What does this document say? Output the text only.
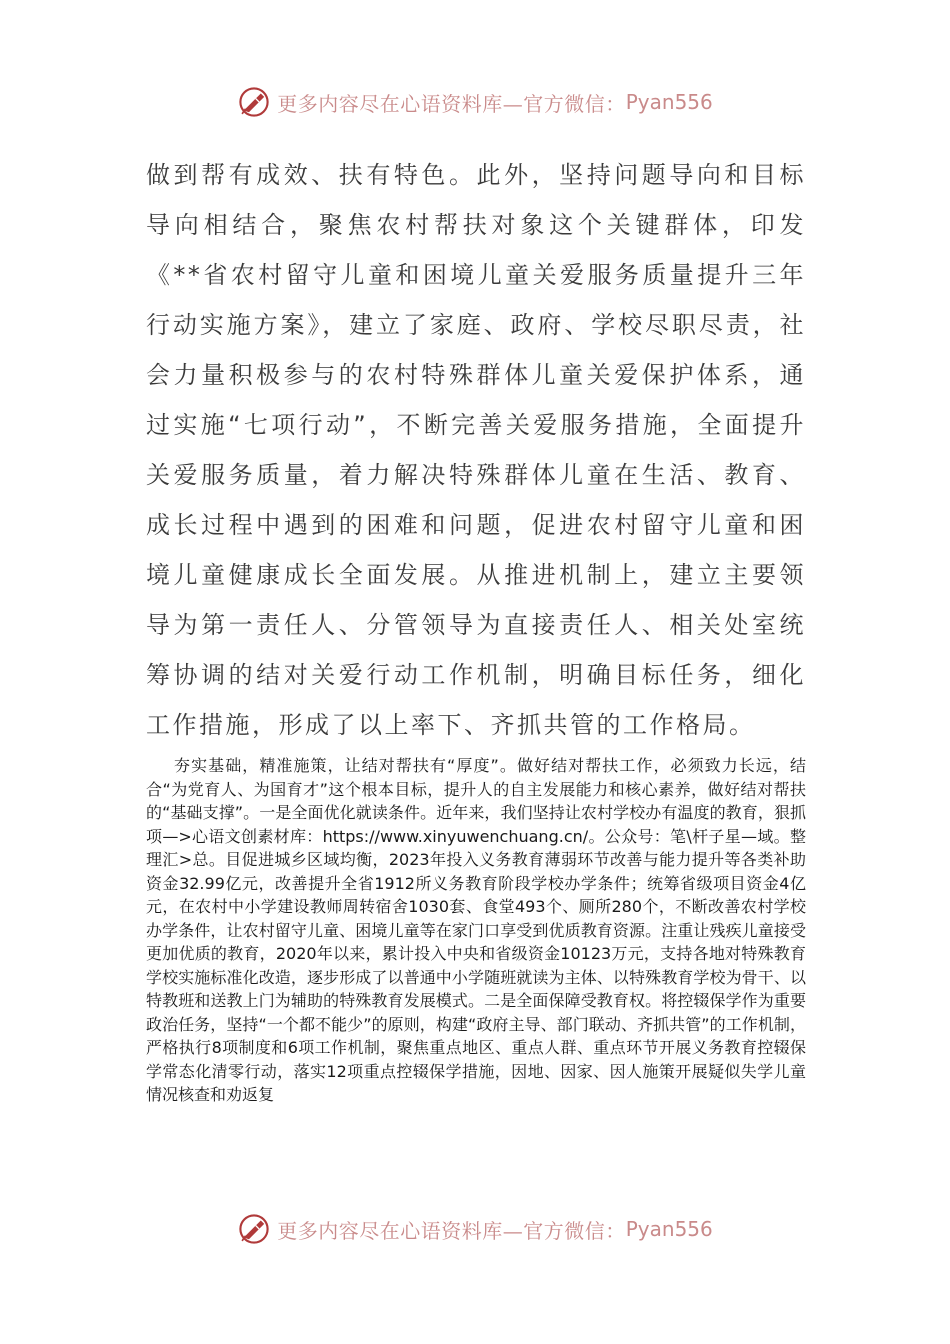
更多内容尽在心语资料库—官方微信： Pyan556

做到帮有成效、扶有特色。此外，坚持问题导向和目标导向相结合，聚焦农村帮扶对象这个关键群体，印发《**省农村留守儿童和困境儿童关爱服务质量提升三年行动实施方案》，建立了家庭、政府、学校尽职尽责，社会力量积极参与的农村特殊群体儿童关爱保护体系，通过实施“七项行动”，不断完善关爱服务措施，全面提升关爱服务质量，着力解决特殊群体儿童在生活、教育、成长过程中遇到的困难和问题，促进农村留守儿童和困境儿童健康成长全面发展。从推进机制上，建立主要领导为第一责任人、分管领导为直接责任人、相关处室统筹协调的结对关爱行动工作机制，明确目标任务，细化工作措施，形成了以上率下、齐抓共管的工作格局。

夯实基础，精准施策，让结对帮扶有“厚度”。做好结对帮扶工作，必须致力长远，结合“为党育人、为国育才”这个根本目标，提升人的自主发展能力和核心素养，做好结对帮扶的“基础支撑”。一是全面优化就读条件。近年来，我们坚持让农村学校办有温度的教育，狠抓项—>心语文创素材库：https://www.xinyuwenchuang.cn/。公众号：笔\杆子星—域。整理汇>总。目促进城乡区域均衡，2023年投入义务教育薄弱环节改善与能力提升等各类补助资金32.99亿元，改善提升全省1912所义务教育阶段学校办学条件；统筹省级项目资金4亿元，在农村中小学建设教师周转宿舍1030套、食堂493个、厕所280个，不断改善农村学校办学条件，让农村留守儿童、困境儿童等在家门口享受到优质教育资源。注重让残疾儿童接受更加优质的教育，2020年以来，累计投入中央和省级资金10123万元，支持各地对特殊教育学校实施标准化改造，逐步形成了以普通中小学随班就读为主体、以特殊教育学校为骨干、以特教班和送教上门为辅助的特殊教育发展模式。二是全面保障受教育权。将控辍保学作为重要政治任务，坚持“一个都不能少”的原则，构建“政府主导、部门联动、齐抓共管”的工作机制，严格执行8项制度和6项工作机制，聚焦重点地区、重点人群、重点环节开展义务教育控辍保学常态化清零行动，落实12项重点控辍保学措施，因地、因家、因人施策开展疑似失学儿童情况核查和劝返复

更多内容尽在心语资料库—官方微信： Pyan556
